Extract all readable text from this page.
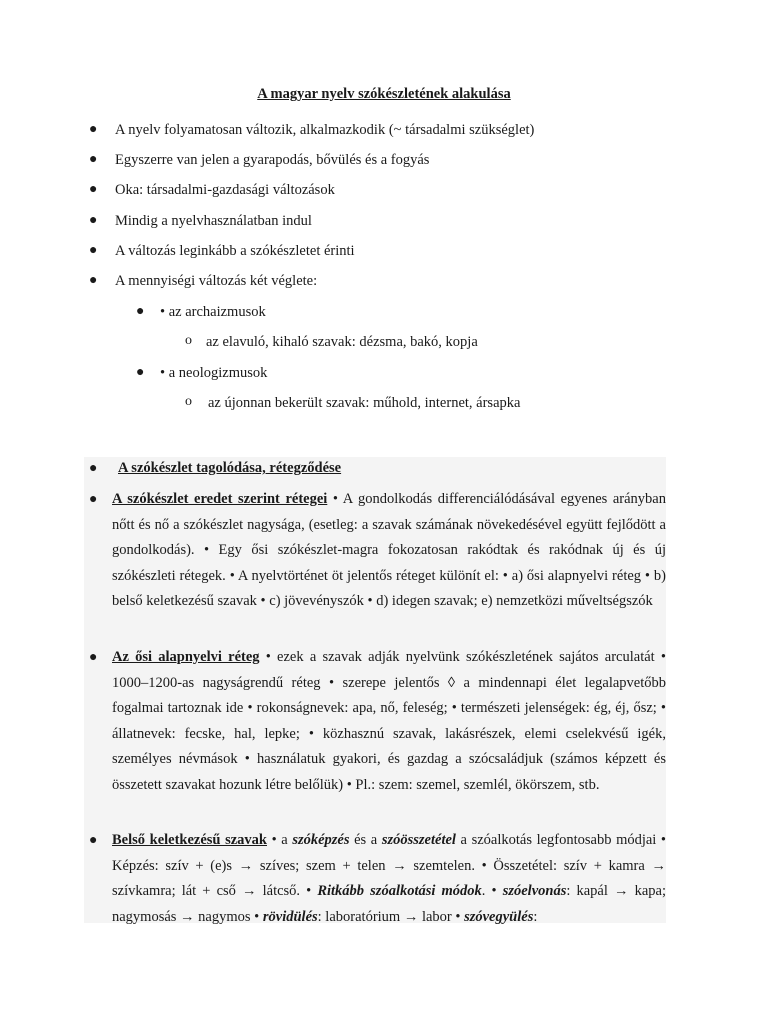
A magyar nyelv szókészletének alakulása
● A nyelv folyamatosan változik, alkalmazkodik (~ társadalmi szükséglet)
● Egyszerre van jelen a gyarapodás, bővülés és a fogyás
● Oka: társadalmi-gazdasági változások
● Mindig a nyelvhasználatban indul
● A változás leginkább a szókészletet érinti
● A mennyiségi változás két véglete:
● • az archaizmusok
o az elavuló, kihaló szavak: dézsma, bakó, kopja
● • a neologizmusok
o az újonnan bekerült szavak: műhold, internet, ársapka
● A szókészlet tagolódása, rétegződése
● A szókészlet eredet szerint rétegei • A gondolkodás differenciálódásával egyenes arányban nőtt és nő a szókészlet nagysága, (esetleg: a szavak számának növekedésével együtt fejlődött a gondolkodás). • Egy ősi szókészlet-magra fokozatosan rakódtak és rakódnak új és új szókészleti rétegek. • A nyelvtörténet öt jelentős réteget különít el: • a) ősi alapnyelvi réteg • b) belső keletkezésű szavak • c) jövevényszók • d) idegen szavak; e) nemzetközi műveltségszók
● Az ősi alapnyelvi réteg • ezek a szavak adják nyelvünk szókészletének sajátos arculatát • 1000–1200-as nagyságrendű réteg • szerepe jelentős ◊ a mindennapi élet legalapvetőbb fogalmai tartoznak ide • rokonságnevek: apa, nő, feleség; • természeti jelenségek: ég, éj, ősz; • állatnevek: fecske, hal, lepke; • közhasznú szavak, lakásrészek, elemi cselekvésű igék, személyes névmások • használatuk gyakori, és gazdag a szócsaládjuk (számos képzett és összetett szavakat hozunk létre belőlük) • Pl.: szem: szemel, szemlél, ökörszem, stb.
● Belső keletkezésű szavak • a szóképzés és a szóösszetétel a szóalkotás legfontosabb módjai • Képzés: szív + (e)s → szíves; szem + telen → szemtelen. • Összetétel: szív + kamra → szívkamra; lát + cső → látcső. • Ritkább szóalkotási módok. • szóelvonás: kapál → kapa; nagymosás → nagymos • rövidülés: laboratórium → labor • szóvegyülés:
